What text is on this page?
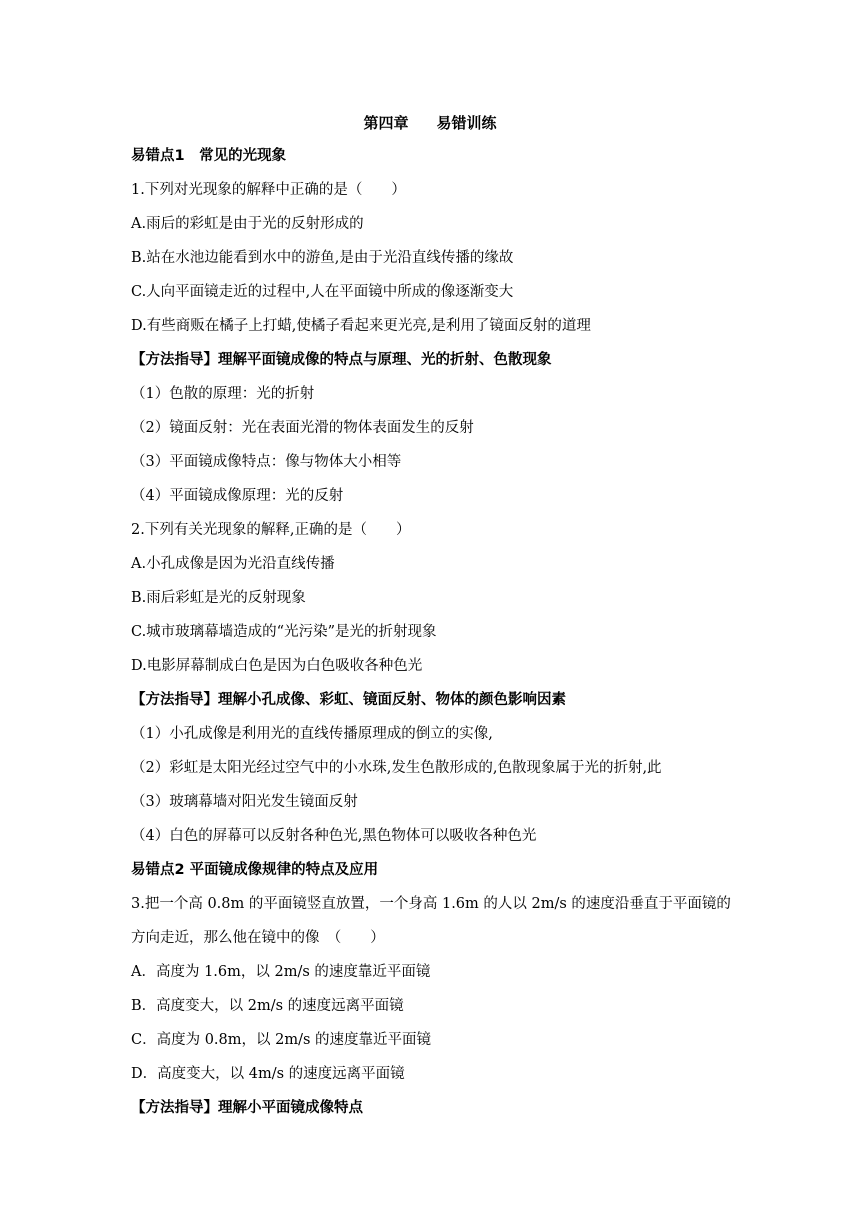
第四章 易错训练
易错点1　常见的光现象
1.下列对光现象的解释中正确的是（　　）
A.雨后的彩虹是由于光的反射形成的
B.站在水池边能看到水中的游鱼,是由于光沿直线传播的缘故
C.人向平面镜走近的过程中,人在平面镜中所成的像逐渐变大
D.有些商贩在橘子上打蜡,使橘子看起来更光亮,是利用了镜面反射的道理
【方法指导】理解平面镜成像的特点与原理、光的折射、色散现象
（1）色散的原理：光的折射
（2）镜面反射：光在表面光滑的物体表面发生的反射
（3）平面镜成像特点：像与物体大小相等
（4）平面镜成像原理：光的反射
2.下列有关光现象的解释,正确的是（　　）
A.小孔成像是因为光沿直线传播
B.雨后彩虹是光的反射现象
C.城市玻璃幕墙造成的“光污染”是光的折射现象
D.电影屏幕制成白色是因为白色吸收各种色光
【方法指导】理解小孔成像、彩虹、镜面反射、物体的颜色影响因素
（1）小孔成像是利用光的直线传播原理成的倒立的实像,
（2）彩虹是太阳光经过空气中的小水珠,发生色散形成的,色散现象属于光的折射,此
（3）玻璃幕墙对阳光发生镜面反射
（4）白色的屏幕可以反射各种色光,黑色物体可以吸收各种色光
易错点2 平面镜成像规律的特点及应用
3.把一个高 0.8m 的平面镜竖直放置，一个身高 1.6m 的人以 2m/s 的速度沿垂直于平面镜的
方向走近，那么他在镜中的像　（　　）
A．高度为 1.6m，以 2m/s 的速度靠近平面镜
B．高度变大，以 2m/s 的速度远离平面镜
C．高度为 0.8m，以 2m/s 的速度靠近平面镜
D．高度变大，以 4m/s 的速度远离平面镜
【方法指导】理解小平面镜成像特点
